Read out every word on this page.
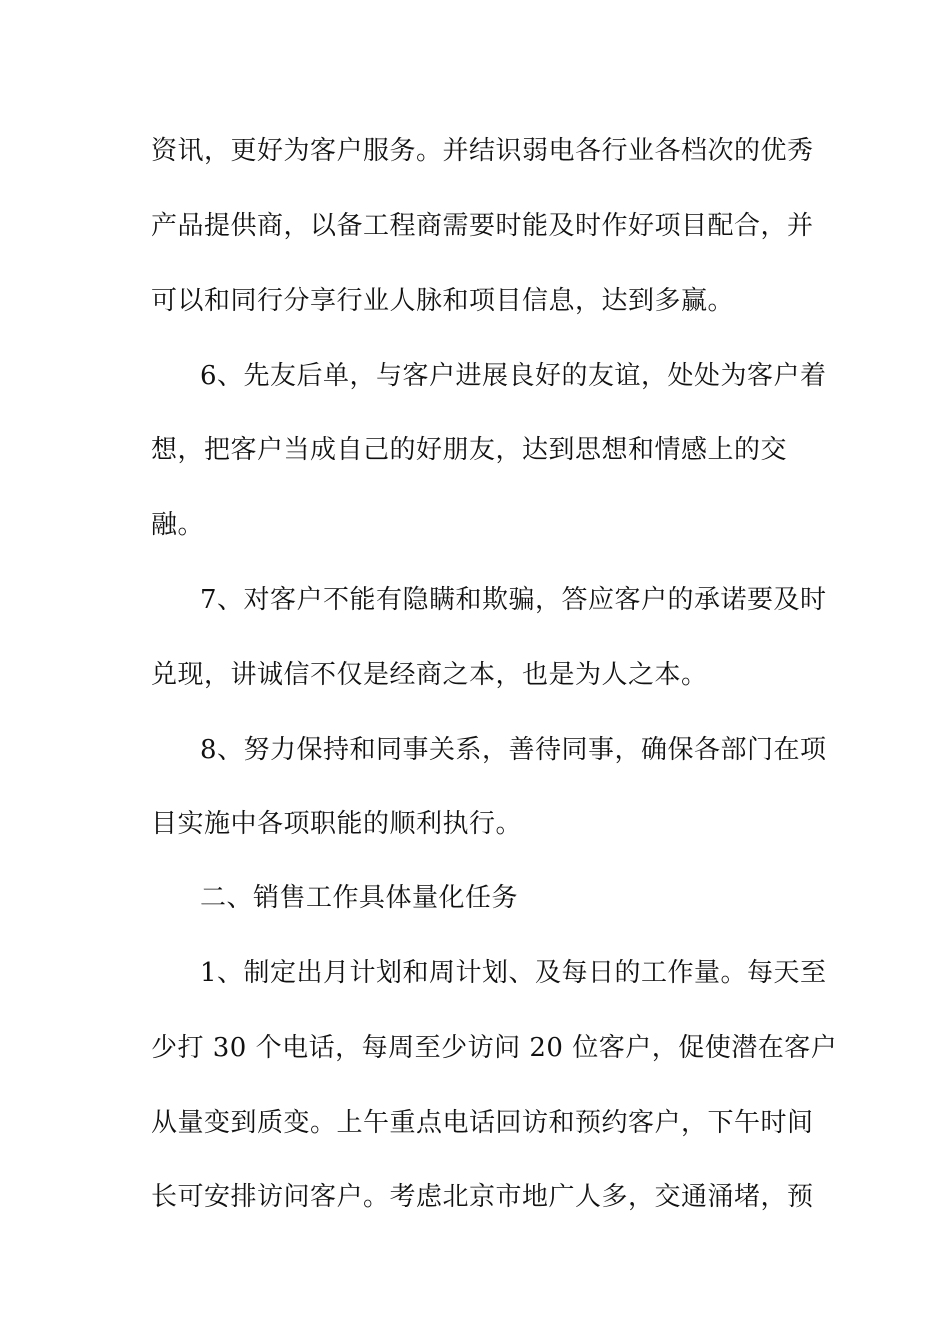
资讯，更好为客户服务。并结识弱电各行业各档次的优秀
产品提供商，以备工程商需要时能及时作好项目配合，并
可以和同行分享行业人脉和项目信息，达到多赢。
6、先友后单，与客户进展良好的友谊，处处为客户着
想，把客户当成自己的好朋友，达到思想和情感上的交
融。
7、对客户不能有隐瞒和欺骗，答应客户的承诺要及时
兑现，讲诚信不仅是经商之本，也是为人之本。
8、努力保持和同事关系，善待同事，确保各部门在项
目实施中各项职能的顺利执行。
二、销售工作具体量化任务
1、制定出月计划和周计划、及每日的工作量。每天至
少打 30 个电话，每周至少访问 20 位客户，促使潜在客户
从量变到质变。上午重点电话回访和预约客户，下午时间
长可安排访问客户。考虑北京市地广人多，交通涌堵，预
